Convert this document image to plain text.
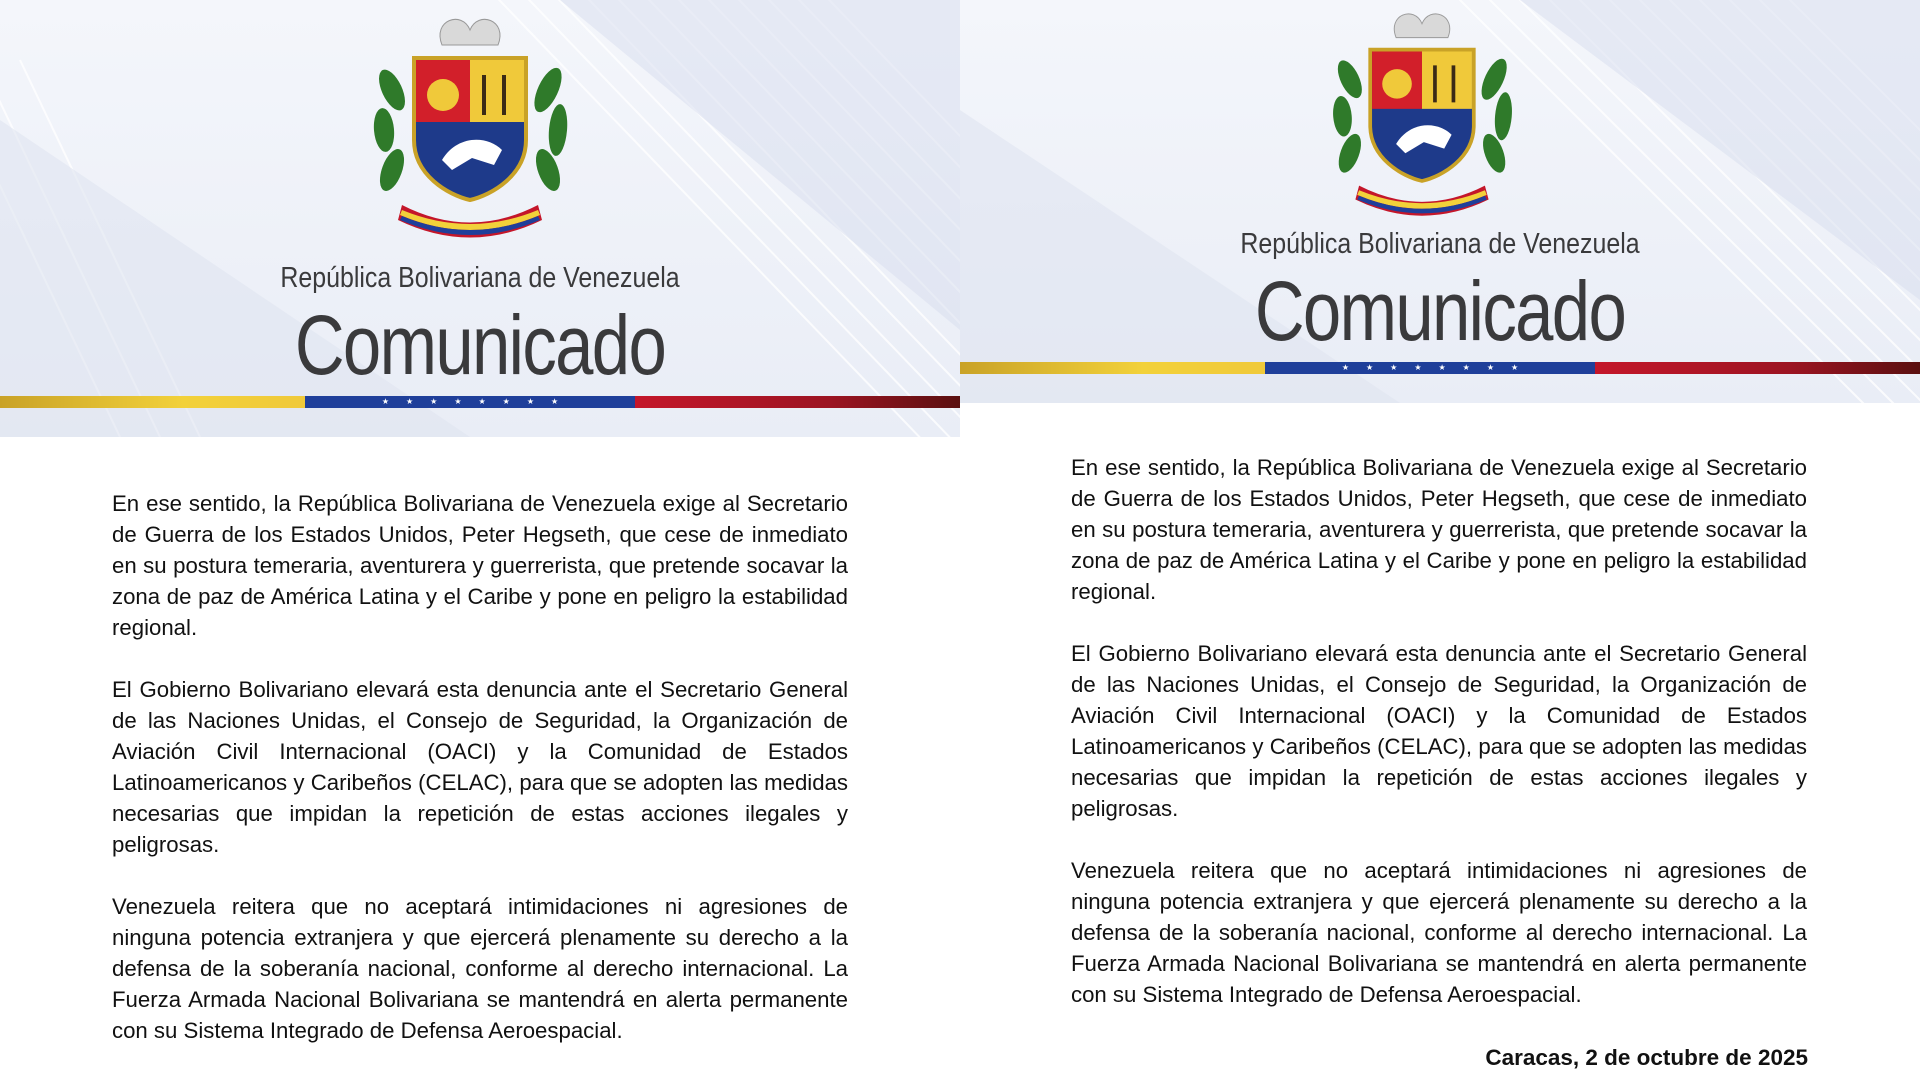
República Bolivariana de Venezuela
Comunicado
★ ★ ★ ★ ★ ★ ★ ★

En ese sentido, la República Bolivariana de Venezuela exige al Secretario de Guerra de los Estados Unidos, Peter Hegseth, que cese de inmediato en su postura temeraria, aventurera y guerrerista, que pretende socavar la zona de paz de América Latina y el Caribe y pone en peligro la estabilidad regional.

El Gobierno Bolivariano elevará esta denuncia ante el Secretario General de las Naciones Unidas, el Consejo de Seguridad, la Organización de Aviación Civil Internacional (OACI) y la Comunidad de Estados Latinoamericanos y Caribeños (CELAC), para que se adopten las medidas necesarias que impidan la repetición de estas acciones ilegales y peligrosas.

Venezuela reitera que no aceptará intimidaciones ni agresiones de ninguna potencia extranjera y que ejercerá plenamente su derecho a la defensa de la soberanía nacional, conforme al derecho internacional. La Fuerza Armada Nacional Bolivariana se mantendrá en alerta permanente con su Sistema Integrado de Defensa Aeroespacial.

República Bolivariana de Venezuela
Comunicado
★ ★ ★ ★ ★ ★ ★ ★

En ese sentido, la República Bolivariana de Venezuela exige al Secretario de Guerra de los Estados Unidos, Peter Hegseth, que cese de inmediato en su postura temeraria, aventurera y guerrerista, que pretende socavar la zona de paz de América Latina y el Caribe y pone en peligro la estabilidad regional.

El Gobierno Bolivariano elevará esta denuncia ante el Secretario General de las Naciones Unidas, el Consejo de Seguridad, la Organización de Aviación Civil Internacional (OACI) y la Comunidad de Estados Latinoamericanos y Caribeños (CELAC), para que se adopten las medidas necesarias que impidan la repetición de estas acciones ilegales y peligrosas.

Venezuela reitera que no aceptará intimidaciones ni agresiones de ninguna potencia extranjera y que ejercerá plenamente su derecho a la defensa de la soberanía nacional, conforme al derecho internacional. La Fuerza Armada Nacional Bolivariana se mantendrá en alerta permanente con su Sistema Integrado de Defensa Aeroespacial.

Caracas, 2 de octubre de 2025
